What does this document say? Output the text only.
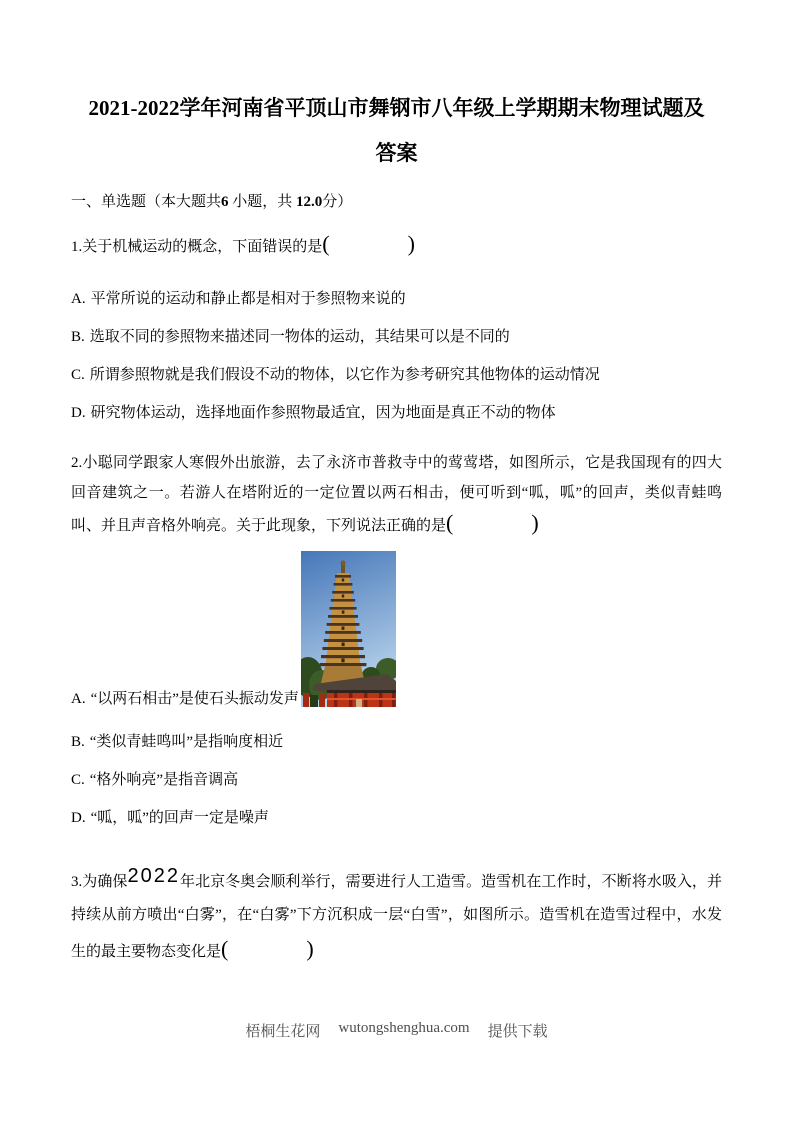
2021-2022学年河南省平顶山市舞钢市八年级上学期期末物理试题及
答案

一、单选题（本大题共6 小题，共 12.0分）

1.关于机械运动的概念，下面错误的是(	)

A. 平常所说的运动和静止都是相对于参照物来说的

B. 选取不同的参照物来描述同一物体的运动，其结果可以是不同的

C. 所谓参照物就是我们假设不动的物体，以它作为参考研究其他物体的运动情况

D. 研究物体运动，选择地面作参照物最适宜，因为地面是真正不动的物体

2.小聪同学跟家人寒假外出旅游，去了永济市普救寺中的莺莺塔，如图所示，它是我国现有的四大回音建筑之一。若游人在塔附近的一定位置以两石相击，便可听到“呱，呱”的回声，类似青蛙鸣叫、并且声音格外响亮。关于此现象，下列说法正确的是(	)

A. “以两石相击”是使石头振动发声

B. “类似青蛙鸣叫”是指响度相近

C. “格外响亮”是指音调高

D. “呱，呱”的回声一定是噪声

3.为确保2022年北京冬奥会顺利举行，需要进行人工造雪。造雪机在工作时，不断将水吸入，并持续从前方喷出“白雾”，在“白雾”下方沉积成一层“白雪”，如图所示。造雪机在造雪过程中，水发生的最主要物态变化是(	)

梧桐生花网 wutongshenghua.com 提供下载
